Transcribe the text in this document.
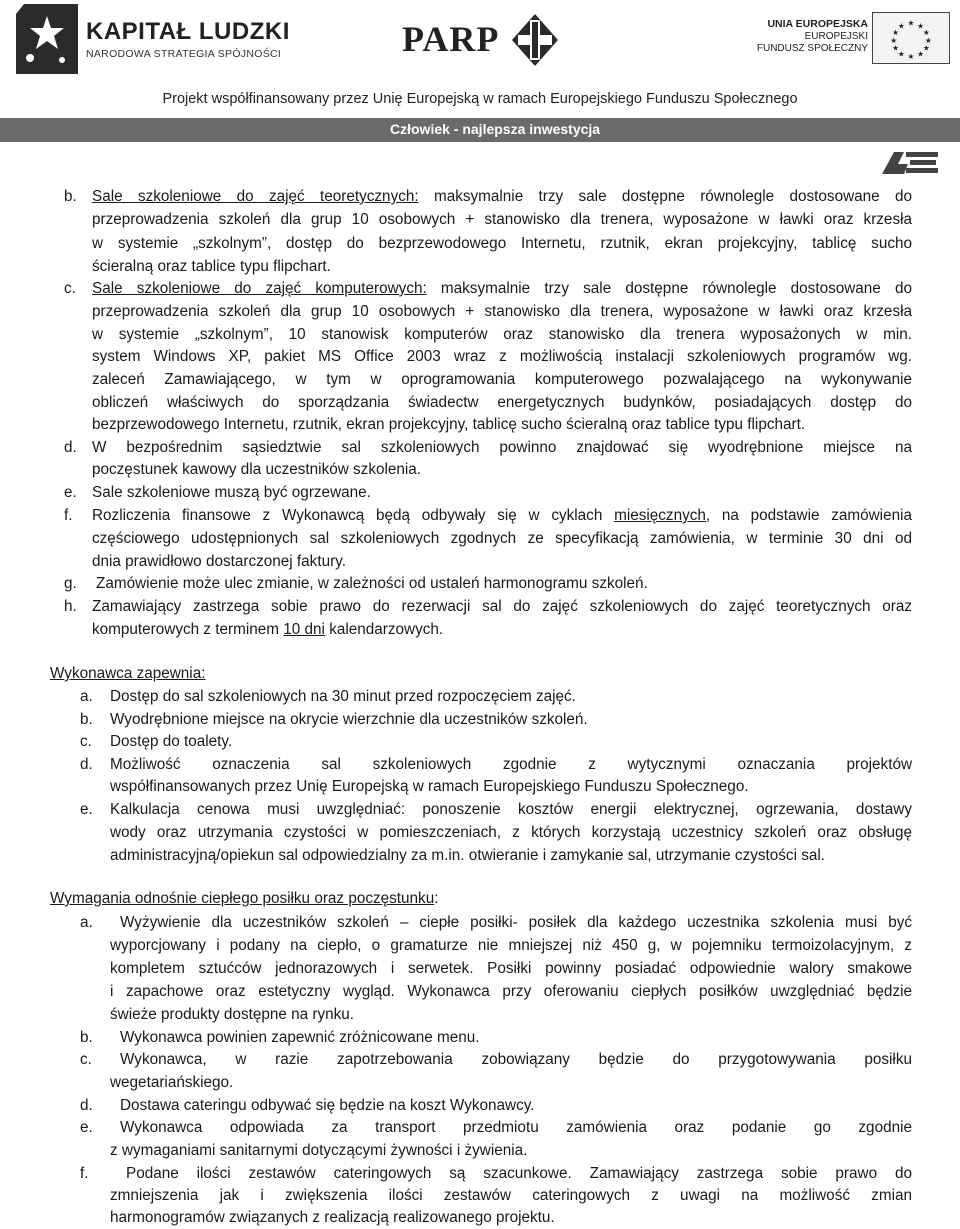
KAPITAŁ LUDZKI
NARODOWA STRATEGIA SPÓJNOŚCI	PARP	UNIA EUROPEJSKA
EUROPEJSKI
FUNDUSZ SPOŁECZNY
★ ★
★
★
★
★
★
★
★
★
★
★
Projekt współfinansowany przez Unię Europejską w ramach Europejskiego Funduszu Społecznego
Człowiek - najlepsza inwestycja
b. Sale szkoleniowe do zajęć teoretycznych: maksymalnie trzy sale dostępne równolegle dostosowane do
przeprowadzenia szkoleń dla grup 10 osobowych + stanowisko dla trenera, wyposażone w ławki oraz krzesła
w systemie „szkolnym”, dostęp do bezprzewodowego Internetu, rzutnik, ekran projekcyjny, tablicę sucho
ścieralną oraz tablice typu flipchart.
c. Sale szkoleniowe do zajęć komputerowych: maksymalnie trzy sale dostępne równolegle dostosowane do
przeprowadzenia szkoleń dla grup 10 osobowych + stanowisko dla trenera, wyposażone w ławki oraz krzesła
w systemie „szkolnym”, 10 stanowisk komputerów oraz stanowisko dla trenera wyposażonych w min.
system Windows XP, pakiet MS Office 2003 wraz z możliwością instalacji szkoleniowych programów wg.
zaleceń Zamawiającego, w tym w oprogramowania komputerowego pozwalającego na wykonywanie
obliczeń właściwych do sporządzania świadectw energetycznych budynków, posiadających dostęp do
bezprzewodowego Internetu, rzutnik, ekran projekcyjny, tablicę sucho ścieralną oraz tablice typu flipchart.
d. W bezpośrednim sąsiedztwie sal szkoleniowych powinno znajdować się wyodrębnione miejsce na
poczęstunek kawowy dla uczestników szkolenia.
e. Sale szkoleniowe muszą być ogrzewane.
f. Rozliczenia finansowe z Wykonawcą będą odbywały się w cyklach miesięcznych, na podstawie zamówienia
częściowego udostępnionych sal szkoleniowych zgodnych ze specyfikacją zamówienia, w terminie 30 dni od
dnia prawidłowo dostarczonej faktury.
g. Zamówienie może ulec zmianie, w zależności od ustaleń harmonogramu szkoleń.
h. Zamawiający zastrzega sobie prawo do rezerwacji sal do zajęć szkoleniowych do zajęć teoretycznych oraz
komputerowych z terminem 10 dni kalendarzowych.
Wykonawca zapewnia:
a. Dostęp do sal szkoleniowych na 30 minut przed rozpoczęciem zajęć.
b. Wyodrębnione miejsce na okrycie wierzchnie dla uczestników szkoleń.
c. Dostęp do toalety.
d. Możliwość oznaczenia sal szkoleniowych zgodnie z wytycznymi oznaczania projektów
współfinansowanych przez Unię Europejską w ramach Europejskiego Funduszu Społecznego.
e. Kalkulacja cenowa musi uwzględniać: ponoszenie kosztów energii elektrycznej, ogrzewania, dostawy
wody oraz utrzymania czystości w pomieszczeniach, z których korzystają uczestnicy szkoleń oraz obsługę
administracyjną/opiekun sal odpowiedzialny za m.in. otwieranie i zamykanie sal, utrzymanie czystości sal.
Wymagania odnośnie ciepłego posiłku oraz poczęstunku:
a. Wyżywienie dla uczestników szkoleń – ciepłe posiłki- posiłek dla każdego uczestnika szkolenia musi być
wyporcjowany i podany na ciepło, o gramaturze nie mniejszej niż 450 g, w pojemniku termoizolacyjnym, z
kompletem sztućców jednorazowych i serwetek. Posiłki powinny posiadać odpowiednie walory smakowe
i zapachowe oraz estetyczny wygląd. Wykonawca przy oferowaniu ciepłych posiłków uwzględniać będzie
świeże produkty dostępne na rynku.
b. Wykonawca powinien zapewnić zróżnicowane menu.
c. Wykonawca, w razie zapotrzebowania zobowiązany będzie do przygotowywania posiłku
wegetariańskiego.
d. Dostawa cateringu odbywać się będzie na koszt Wykonawcy.
e. Wykonawca odpowiada za transport przedmiotu zamówienia oraz podanie go zgodnie
z wymaganiami sanitarnymi dotyczącymi żywności i żywienia.
f. Podane ilości zestawów cateringowych są szacunkowe. Zamawiający zastrzega sobie prawo do
zmniejszenia jak i zwiększenia ilości zestawów cateringowych z uwagi na możliwość zmian
harmonogramów związanych z realizacją realizowanego projektu.
